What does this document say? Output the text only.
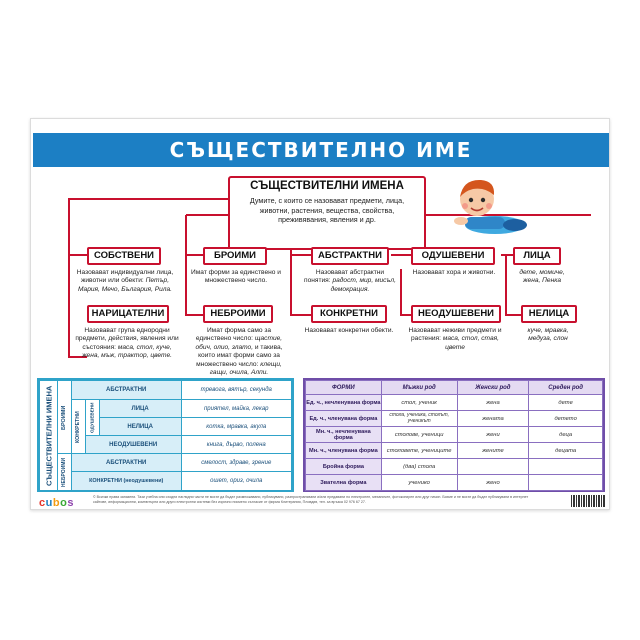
СЪЩЕСТВИТЕЛНО ИМЕ
СЪЩЕСТВИТЕЛНИ ИМЕНА
Думите, с които се назовават предмети, лица, животни, растения, вещества, свойства, преживявания, явления и др.
СОБСТВЕНИ
Назовават индивидуални лица, животни или обекти: Петър, Мария, Мечо, България, Рила.
НАРИЦАТЕЛНИ
Назовават група еднородни предмети, действия, явления или състояния: маса, стол, куче, жена, мъж, трактор, цвете.
БРОИМИ
Имат форми за единствено и множествено число.
НЕБРОИМИ
Имат форма само за единствено число: щастие, обич, олио, злато, и такива, които имат форми само за множествено число: клещи, гащи, очила, Алпи.
АБСТРАКТНИ
Назовават абстрактни понятия: радост, мир, мисъл, демокрация.
КОНКРЕТНИ
Назовават конкретни обекти.
ОДУШЕВЕНИ
Назовават хора и животни.
НЕОДУШЕВЕНИ
Назовават неживи предмети и растения: маса, стол, стая, цвете
ЛИЦА
дете, момиче, жена, Пенка
НЕЛИЦА
куче, мравка, медуза, слон
СЪЩЕСТВИТЕЛНИ ИМЕНА	БРОИМИ	АБСТРАКТНИ			тревога, вятър, секунда
		КОНКРЕТНИ	ОДУШЕВЕНИ	ЛИЦА	приятел, майка, лекар
				НЕЛИЦА	котка, мравка, акула
			НЕОДУШЕВЕНИ		книга, дърво, полена
	НЕБРОИМИ	АБСТРАКТНИ			смелост, здраве, зрение
		КОНКРЕТНИ (неодушевени)			ошет, ориз, очила
ФОРМИ	Мъжки род	Женски род	Среден род
Ед. ч., нечленувана форма	стол, ученик	жена	дете
Ед. ч., членувана форма	стола, ученика, столът, ученикът	жената	детето
Мн. ч., нечленувана форма	столове, ученици	жени	деца
Мн. ч., членувана форма	столовете, учениците	жените	децата
Бройна форма	(два) стола		
Звателна форма	ученико	жено	
cubos	© Всички права запазени. Тази учебна или сходни наглядни части не могат да бъдат размножавани, публикувани, разпространявани и/или предавани по електронен, механичен, фотокопирен или друг начин. Бяхме и не могат да бъдат публикувани в интернет сайтове, информационни, компютърни или други електронни системи без изрично писмено съгласие от фирма Клитерания, Пловдив, тел. за връзка 02 976 67 27.
